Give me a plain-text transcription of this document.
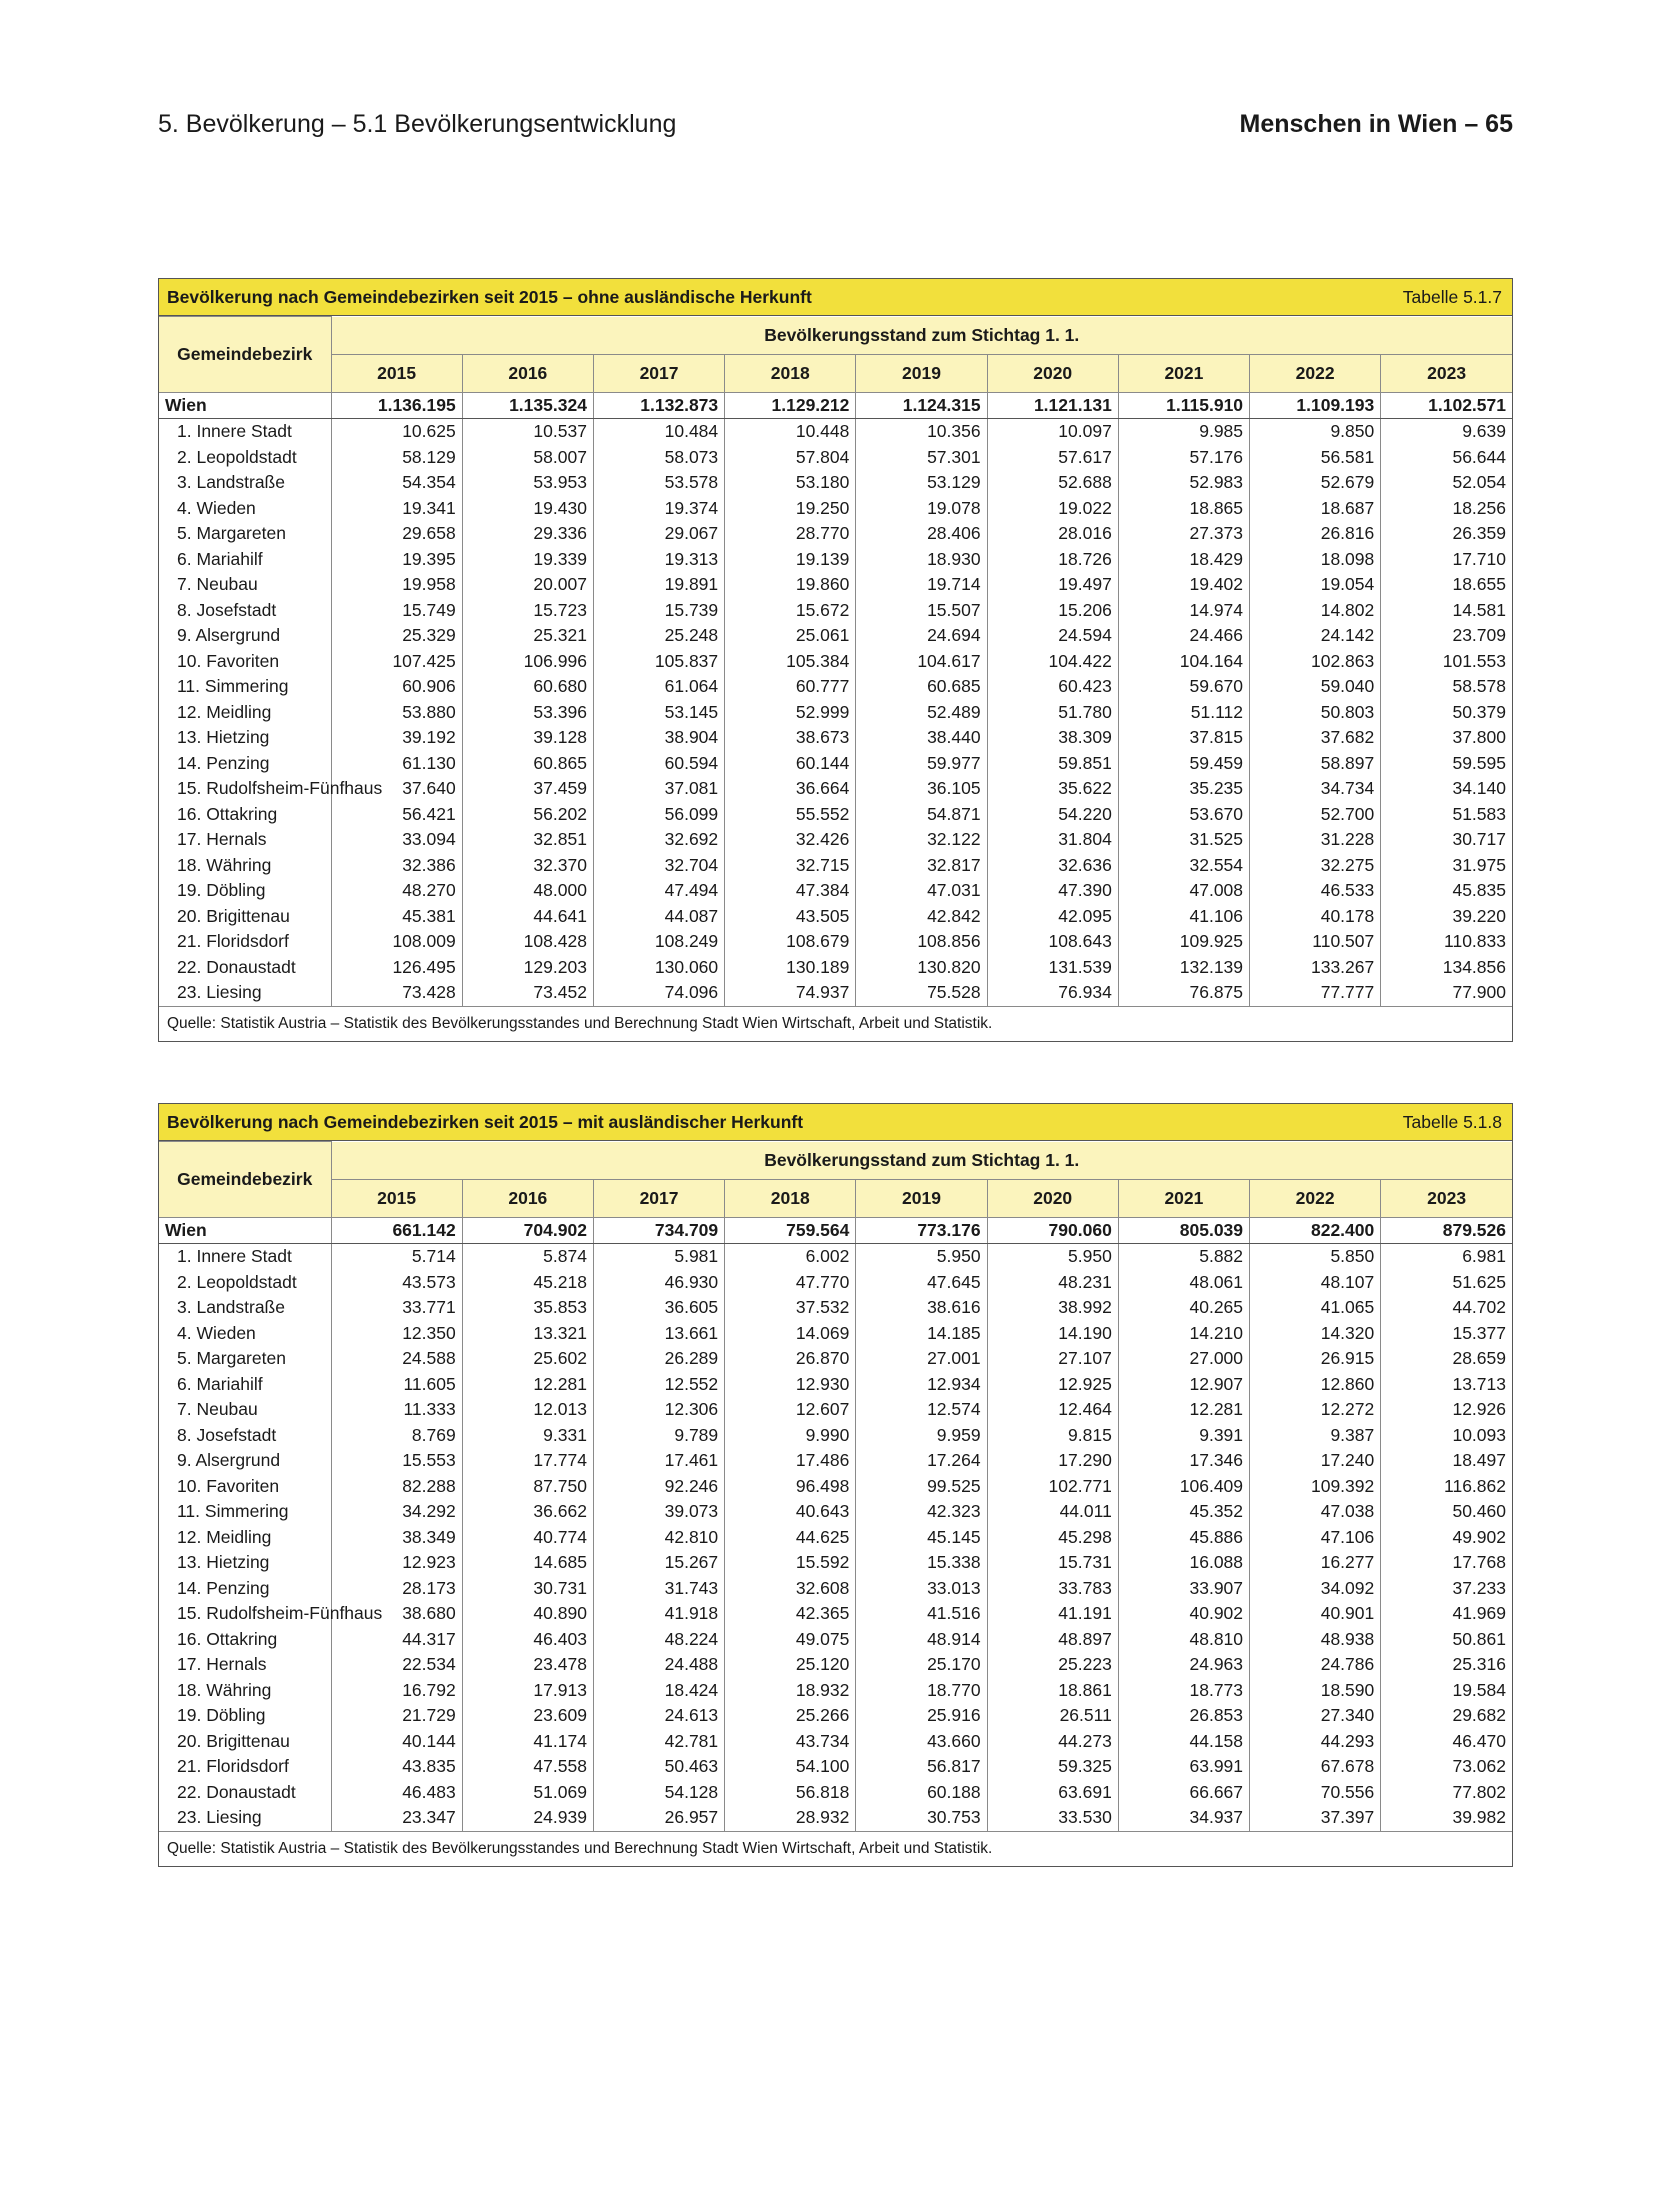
5. Bevölkerung – 5.1 Bevölkerungsentwicklung	Menschen in Wien – 65
Bevölkerung nach Gemeindebezirken seit 2015 – ohne ausländische Herkunft	Tabelle 5.1.7
Gemeindebezirk	Bevölkerungsstand zum Stichtag 1. 1.								
	2015	2016	2017	2018	2019	2020	2021	2022	2023
Wien	1.136.195	1.135.324	1.132.873	1.129.212	1.124.315	1.121.131	1.115.910	1.109.193	1.102.571
1. Innere Stadt	10.625	10.537	10.484	10.448	10.356	10.097	9.985	9.850	9.639
2. Leopoldstadt	58.129	58.007	58.073	57.804	57.301	57.617	57.176	56.581	56.644
3. Landstraße	54.354	53.953	53.578	53.180	53.129	52.688	52.983	52.679	52.054
4. Wieden	19.341	19.430	19.374	19.250	19.078	19.022	18.865	18.687	18.256
5. Margareten	29.658	29.336	29.067	28.770	28.406	28.016	27.373	26.816	26.359
6. Mariahilf	19.395	19.339	19.313	19.139	18.930	18.726	18.429	18.098	17.710
7. Neubau	19.958	20.007	19.891	19.860	19.714	19.497	19.402	19.054	18.655
8. Josefstadt	15.749	15.723	15.739	15.672	15.507	15.206	14.974	14.802	14.581
9. Alsergrund	25.329	25.321	25.248	25.061	24.694	24.594	24.466	24.142	23.709
10. Favoriten	107.425	106.996	105.837	105.384	104.617	104.422	104.164	102.863	101.553
11. Simmering	60.906	60.680	61.064	60.777	60.685	60.423	59.670	59.040	58.578
12. Meidling	53.880	53.396	53.145	52.999	52.489	51.780	51.112	50.803	50.379
13. Hietzing	39.192	39.128	38.904	38.673	38.440	38.309	37.815	37.682	37.800
14. Penzing	61.130	60.865	60.594	60.144	59.977	59.851	59.459	58.897	59.595
15. Rudolfsheim-Fünfhaus	37.640	37.459	37.081	36.664	36.105	35.622	35.235	34.734	34.140
16. Ottakring	56.421	56.202	56.099	55.552	54.871	54.220	53.670	52.700	51.583
17. Hernals	33.094	32.851	32.692	32.426	32.122	31.804	31.525	31.228	30.717
18. Währing	32.386	32.370	32.704	32.715	32.817	32.636	32.554	32.275	31.975
19. Döbling	48.270	48.000	47.494	47.384	47.031	47.390	47.008	46.533	45.835
20. Brigittenau	45.381	44.641	44.087	43.505	42.842	42.095	41.106	40.178	39.220
21. Floridsdorf	108.009	108.428	108.249	108.679	108.856	108.643	109.925	110.507	110.833
22. Donaustadt	126.495	129.203	130.060	130.189	130.820	131.539	132.139	133.267	134.856
23. Liesing	73.428	73.452	74.096	74.937	75.528	76.934	76.875	77.777	77.900
Quelle: Statistik Austria – Statistik des Bevölkerungsstandes und Berechnung Stadt Wien Wirtschaft, Arbeit und Statistik.
Bevölkerung nach Gemeindebezirken seit 2015 – mit ausländischer Herkunft	Tabelle 5.1.8
Gemeindebezirk	Bevölkerungsstand zum Stichtag 1. 1.								
	2015	2016	2017	2018	2019	2020	2021	2022	2023
Wien	661.142	704.902	734.709	759.564	773.176	790.060	805.039	822.400	879.526
1. Innere Stadt	5.714	5.874	5.981	6.002	5.950	5.950	5.882	5.850	6.981
2. Leopoldstadt	43.573	45.218	46.930	47.770	47.645	48.231	48.061	48.107	51.625
3. Landstraße	33.771	35.853	36.605	37.532	38.616	38.992	40.265	41.065	44.702
4. Wieden	12.350	13.321	13.661	14.069	14.185	14.190	14.210	14.320	15.377
5. Margareten	24.588	25.602	26.289	26.870	27.001	27.107	27.000	26.915	28.659
6. Mariahilf	11.605	12.281	12.552	12.930	12.934	12.925	12.907	12.860	13.713
7. Neubau	11.333	12.013	12.306	12.607	12.574	12.464	12.281	12.272	12.926
8. Josefstadt	8.769	9.331	9.789	9.990	9.959	9.815	9.391	9.387	10.093
9. Alsergrund	15.553	17.774	17.461	17.486	17.264	17.290	17.346	17.240	18.497
10. Favoriten	82.288	87.750	92.246	96.498	99.525	102.771	106.409	109.392	116.862
11. Simmering	34.292	36.662	39.073	40.643	42.323	44.011	45.352	47.038	50.460
12. Meidling	38.349	40.774	42.810	44.625	45.145	45.298	45.886	47.106	49.902
13. Hietzing	12.923	14.685	15.267	15.592	15.338	15.731	16.088	16.277	17.768
14. Penzing	28.173	30.731	31.743	32.608	33.013	33.783	33.907	34.092	37.233
15. Rudolfsheim-Fünfhaus	38.680	40.890	41.918	42.365	41.516	41.191	40.902	40.901	41.969
16. Ottakring	44.317	46.403	48.224	49.075	48.914	48.897	48.810	48.938	50.861
17. Hernals	22.534	23.478	24.488	25.120	25.170	25.223	24.963	24.786	25.316
18. Währing	16.792	17.913	18.424	18.932	18.770	18.861	18.773	18.590	19.584
19. Döbling	21.729	23.609	24.613	25.266	25.916	26.511	26.853	27.340	29.682
20. Brigittenau	40.144	41.174	42.781	43.734	43.660	44.273	44.158	44.293	46.470
21. Floridsdorf	43.835	47.558	50.463	54.100	56.817	59.325	63.991	67.678	73.062
22. Donaustadt	46.483	51.069	54.128	56.818	60.188	63.691	66.667	70.556	77.802
23. Liesing	23.347	24.939	26.957	28.932	30.753	33.530	34.937	37.397	39.982
Quelle: Statistik Austria – Statistik des Bevölkerungsstandes und Berechnung Stadt Wien Wirtschaft, Arbeit und Statistik.
